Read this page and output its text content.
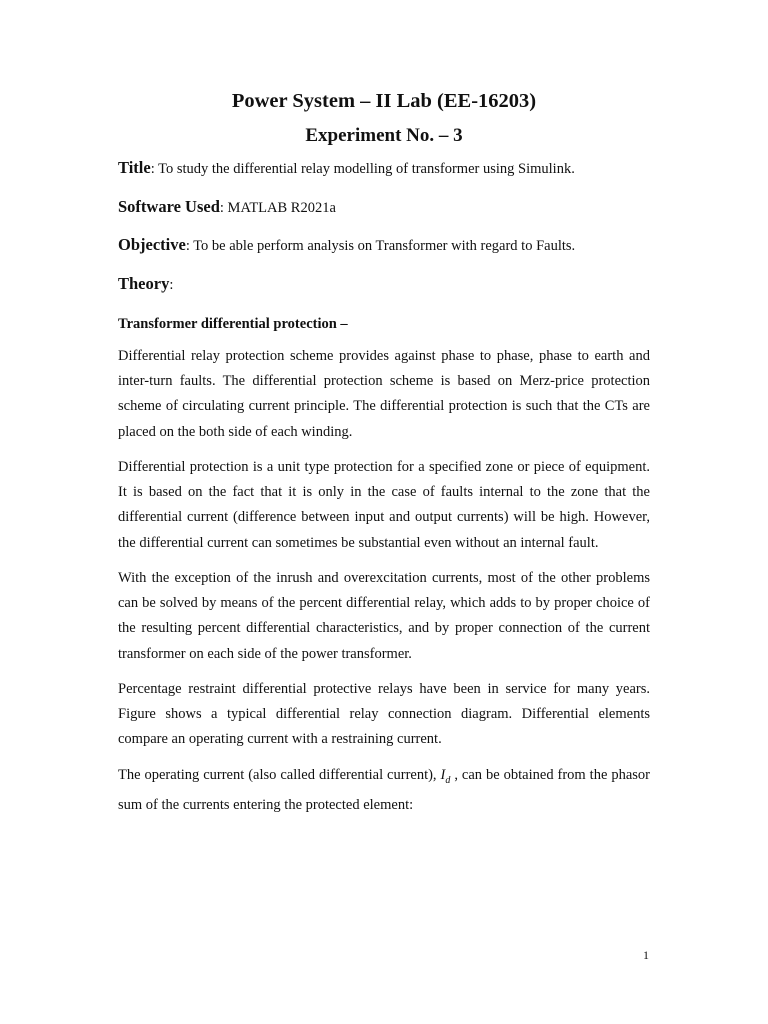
Power System – II Lab (EE-16203)
Experiment No. – 3

Title: To study the differential relay modelling of transformer using Simulink.

Software Used: MATLAB R2021a

Objective: To be able perform analysis on Transformer with regard to Faults.

Theory:

Transformer differential protection –

Differential relay protection scheme provides against phase to phase, phase to earth and inter-turn faults. The differential protection scheme is based on Merz-price protection scheme of circulating current principle. The differential protection is such that the CTs are placed on the both side of each winding.

Differential protection is a unit type protection for a specified zone or piece of equipment. It is based on the fact that it is only in the case of faults internal to the zone that the differential current (difference between input and output currents) will be high. However, the differential current can sometimes be substantial even without an internal fault.

With the exception of the inrush and overexcitation currents, most of the other problems can be solved by means of the percent differential relay, which adds to by proper choice of the resulting percent differential characteristics, and by proper connection of the current transformer on each side of the power transformer.

Percentage restraint differential protective relays have been in service for many years. Figure shows a typical differential relay connection diagram. Differential elements compare an operating current with a restraining current.

The operating current (also called differential current), $I_d$ , can be obtained from the phasor sum of the currents entering the protected element:

1
